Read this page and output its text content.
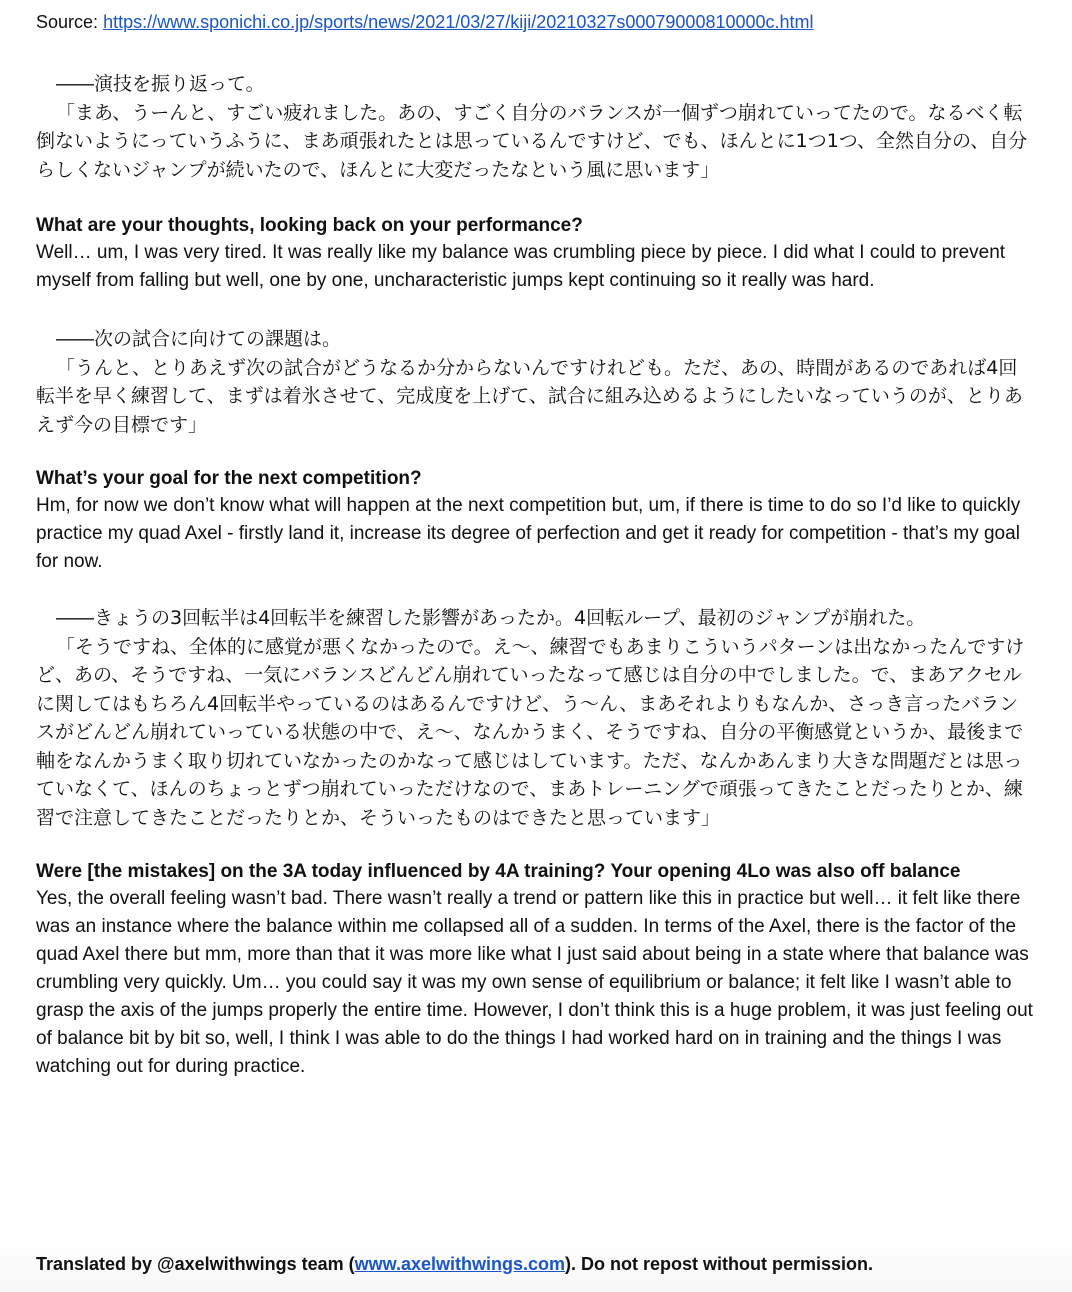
Source: https://www.sponichi.co.jp/sports/news/2021/03/27/kiji/20210327s00079000810000c.html

――演技を振り返って。
「まあ、うーんと、すごい疲れました。あの、すごく自分のバランスが一個ずつ崩れていってたので。なるべく転倒ないようにっていうふうに、まあ頑張れたとは思っているんですけど、でも、ほんとに1つ1つ、全然自分の、自分らしくないジャンプが続いたので、ほんとに大変だったなという風に思います」

What are your thoughts, looking back on your performance?

Well… um, I was very tired. It was really like my balance was crumbling piece by piece. I did what I could to prevent myself from falling but well, one by one, uncharacteristic jumps kept continuing so it really was hard.

――次の試合に向けての課題は。
「うんと、とりあえず次の試合がどうなるか分からないんですけれども。ただ、あの、時間があるのであれば4回転半を早く練習して、まずは着氷させて、完成度を上げて、試合に組み込めるようにしたいなっていうのが、とりあえず今の目標です」

What’s your goal for the next competition?

Hm, for now we don’t know what will happen at the next competition but, um, if there is time to do so I’d like to quickly practice my quad Axel - firstly land it, increase its degree of perfection and get it ready for competition - that’s my goal for now.

――きょうの3回転半は4回転半を練習した影響があったか。4回転ループ、最初のジャンプが崩れた。
「そうですね、全体的に感覚が悪くなかったので。え〜、練習でもあまりこういうパターンは出なかったんですけど、あの、そうですね、一気にバランスどんどん崩れていったなって感じは自分の中でしました。で、まあアクセルに関してはもちろん4回転半やっているのはあるんですけど、う〜ん、まあそれよりもなんか、さっき言ったバランスがどんどん崩れていっている状態の中で、え〜、なんかうまく、そうですね、自分の平衡感覚というか、最後まで軸をなんかうまく取り切れていなかったのかなって感じはしています。ただ、なんかあんまり大きな問題だとは思っていなくて、ほんのちょっとずつ崩れていっただけなので、まあトレーニングで頑張ってきたことだったりとか、練習で注意してきたことだったりとか、そういったものはできたと思っています」

Were [the mistakes] on the 3A today influenced by 4A training? Your opening 4Lo was also off balance

Yes, the overall feeling wasn’t bad. There wasn’t really a trend or pattern like this in practice but well… it felt like there was an instance where the balance within me collapsed all of a sudden. In terms of the Axel, there is the factor of the quad Axel there but mm, more than that it was more like what I just said about being in a state where that balance was crumbling very quickly. Um… you could say it was my own sense of equilibrium or balance; it felt like I wasn’t able to grasp the axis of the jumps properly the entire time. However, I don’t think this is a huge problem, it was just feeling out of balance bit by bit so, well, I think I was able to do the things I had worked hard on in training and the things I was watching out for during practice.

Translated by @axelwithwings team (www.axelwithwings.com). Do not repost without permission.
